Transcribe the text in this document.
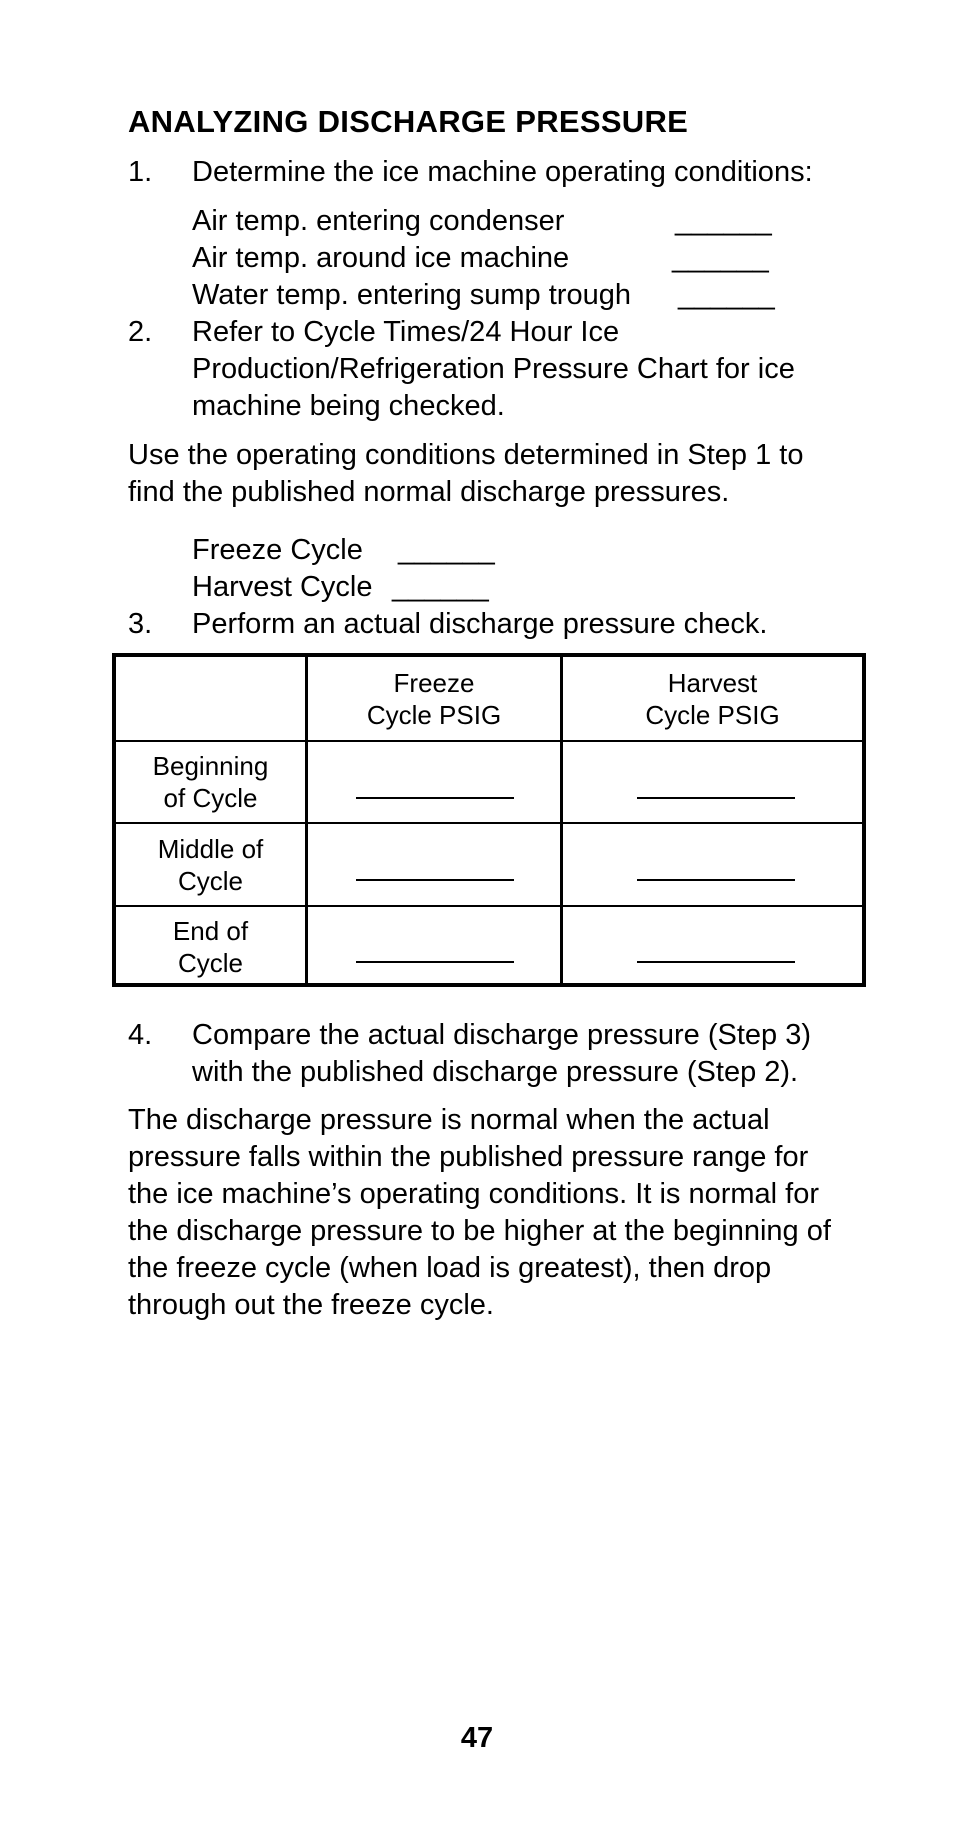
ANALYZING DISCHARGE PRESSURE
1. Determine the ice machine operating conditions:
Air temp. entering condenser	______
Air temp. around ice machine	______
Water temp. entering sump trough ______
2. Refer to Cycle Times/24 Hour Ice
Production/Refrigeration Pressure Chart for ice
machine being checked.
Use the operating conditions determined in Step 1 to
find the published normal discharge pressures.
Freeze Cycle ______
Harvest Cycle ______
3. Perform an actual discharge pressure check.
Freeze
Cycle PSIG
Harvest
Cycle PSIG
Beginning
of Cycle
Middle of
Cycle
End of
Cycle
4. Compare the actual discharge pressure (Step 3)
with the published discharge pressure (Step 2).
The discharge pressure is normal when the actual
pressure falls within the published pressure range for
the ice machine’s operating conditions. It is normal for
the discharge pressure to be higher at the beginning of
the freeze cycle (when load is greatest), then drop
through out the freeze cycle.
47
